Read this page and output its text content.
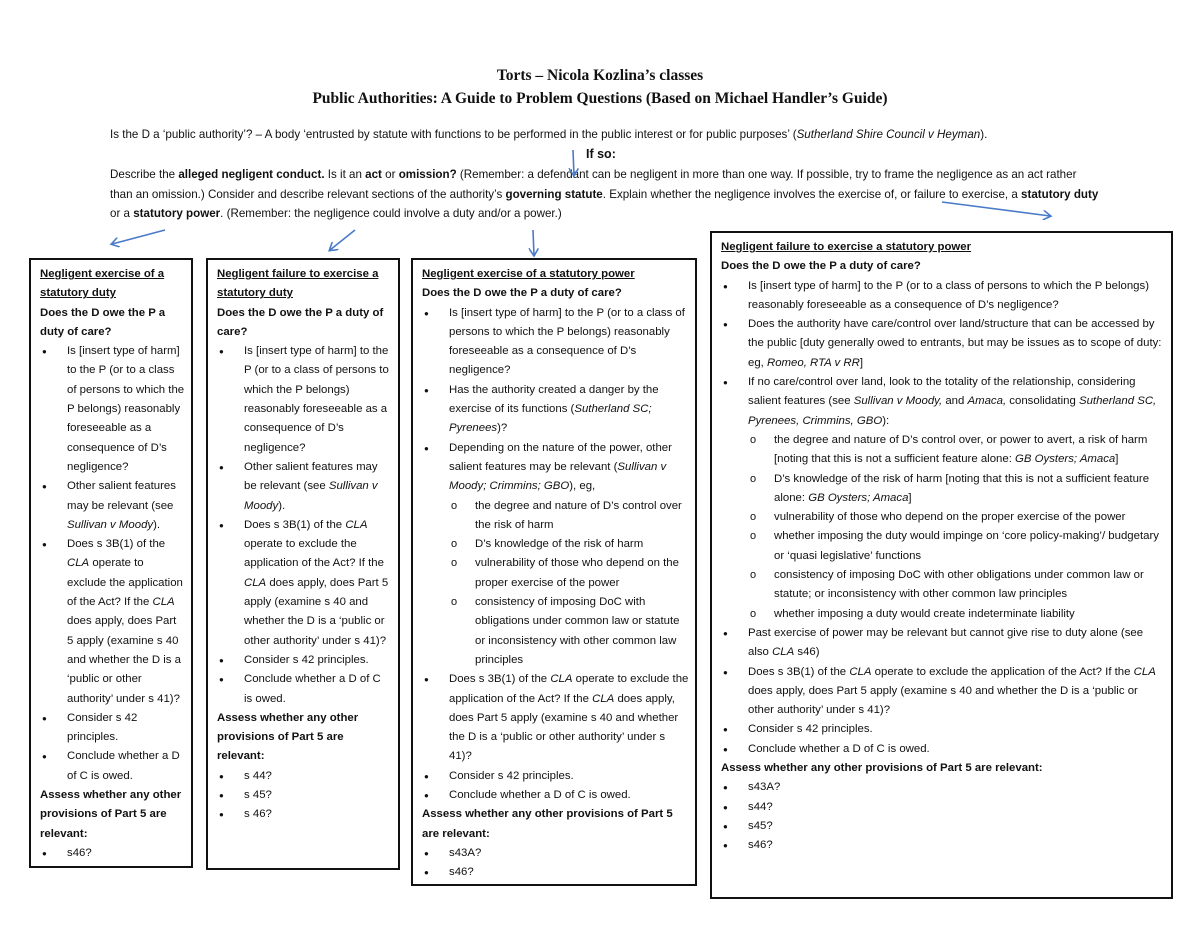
Torts – Nicola Kozlina’s classes
Public Authorities: A Guide to Problem Questions (Based on Michael Handler’s Guide)

Is the D a ‘public authority’? – A body ‘entrusted by statute with functions to be performed in the public interest or for public purposes’ (Sutherland Shire Council v Heyman).

If so:

Describe the alleged negligent conduct. Is it an act or omission? (Remember: a defendant can be negligent in more than one way. If possible, try to frame the negligence as an act rather than an omission.) Consider and describe relevant sections of the authority’s governing statute. Explain whether the negligence involves the exercise of, or failure to exercise, a statutory duty or a statutory power. (Remember: the negligence could involve a duty and/or a power.)

Negligent exercise of a statutory duty

Does the D owe the P a duty of care?

● Is [insert type of harm] to the P (or to a class of persons to which the P belongs) reasonably foreseeable as a consequence of D’s negligence?
● Other salient features may be relevant (see Sullivan v Moody).
● Does s 3B(1) of the CLA operate to exclude the application of the Act? If the CLA does apply, does Part 5 apply (examine s 40 and whether the D is a ‘public or other authority’ under s 41)?
● Consider s 42 principles.
● Conclude whether a D of C is owed.

Assess whether any other provisions of Part 5 are relevant:

● s46?
Negligent failure to exercise a statutory duty

Does the D owe the P a duty of care?

● Is [insert type of harm] to the P (or to a class of persons to which the P belongs) reasonably foreseeable as a consequence of D’s negligence?
● Other salient features may be relevant (see Sullivan v Moody).
● Does s 3B(1) of the CLA operate to exclude the application of the Act? If the CLA does apply, does Part 5 apply (examine s 40 and whether the D is a ‘public or other authority’ under s 41)?
● Consider s 42 principles.
● Conclude whether a D of C is owed.

Assess whether any other provisions of Part 5 are relevant:

● s 44?
● s 45?
● s 46?
Negligent exercise of a statutory power

Does the D owe the P a duty of care?

● Is [insert type of harm] to the P (or to a class of persons to which the P belongs) reasonably foreseeable as a consequence of D’s negligence?
● Has the authority created a danger by the exercise of its functions (Sutherland SC; Pyrenees)?
● Depending on the nature of the power, other salient features may be relevant (Sullivan v Moody; Crimmins; GBO), eg,
o the degree and nature of D’s control over the risk of harm
o D’s knowledge of the risk of harm
o vulnerability of those who depend on the proper exercise of the power
o consistency of imposing DoC with obligations under common law or statute or inconsistency with other common law principles
● Does s 3B(1) of the CLA operate to exclude the application of the Act? If the CLA does apply, does Part 5 apply (examine s 40 and whether the D is a ‘public or other authority’ under s 41)?
● Consider s 42 principles.
● Conclude whether a D of C is owed.

Assess whether any other provisions of Part 5 are relevant:

● s43A?
● s46?
Negligent failure to exercise a statutory power

Does the D owe the P a duty of care?

● Is [insert type of harm] to the P (or to a class of persons to which the P belongs) reasonably foreseeable as a consequence of D’s negligence?
● Does the authority have care/control over land/structure that can be accessed by the public [duty generally owed to entrants, but may be issues as to scope of duty: eg, Romeo, RTA v RR]
● If no care/control over land, look to the totality of the relationship, considering salient features (see Sullivan v Moody, and Amaca, consolidating Sutherland SC, Pyrenees, Crimmins, GBO):
o the degree and nature of D’s control over, or power to avert, a risk of harm [noting that this is not a sufficient feature alone: GB Oysters; Amaca]
o D’s knowledge of the risk of harm [noting that this is not a sufficient feature alone: GB Oysters; Amaca]
o vulnerability of those who depend on the proper exercise of the power
o whether imposing the duty would impinge on ‘core policy-making’/ budgetary or ‘quasi legislative’ functions
o consistency of imposing DoC with other obligations under common law or statute; or inconsistency with other common law principles
o whether imposing a duty would create indeterminate liability
● Past exercise of power may be relevant but cannot give rise to duty alone (see also CLA s46)
● Does s 3B(1) of the CLA operate to exclude the application of the Act? If the CLA does apply, does Part 5 apply (examine s 40 and whether the D is a ‘public or other authority’ under s 41)?
● Consider s 42 principles.
● Conclude whether a D of C is owed.

Assess whether any other provisions of Part 5 are relevant:

● s43A?
● s44?
● s45?
● s46?
